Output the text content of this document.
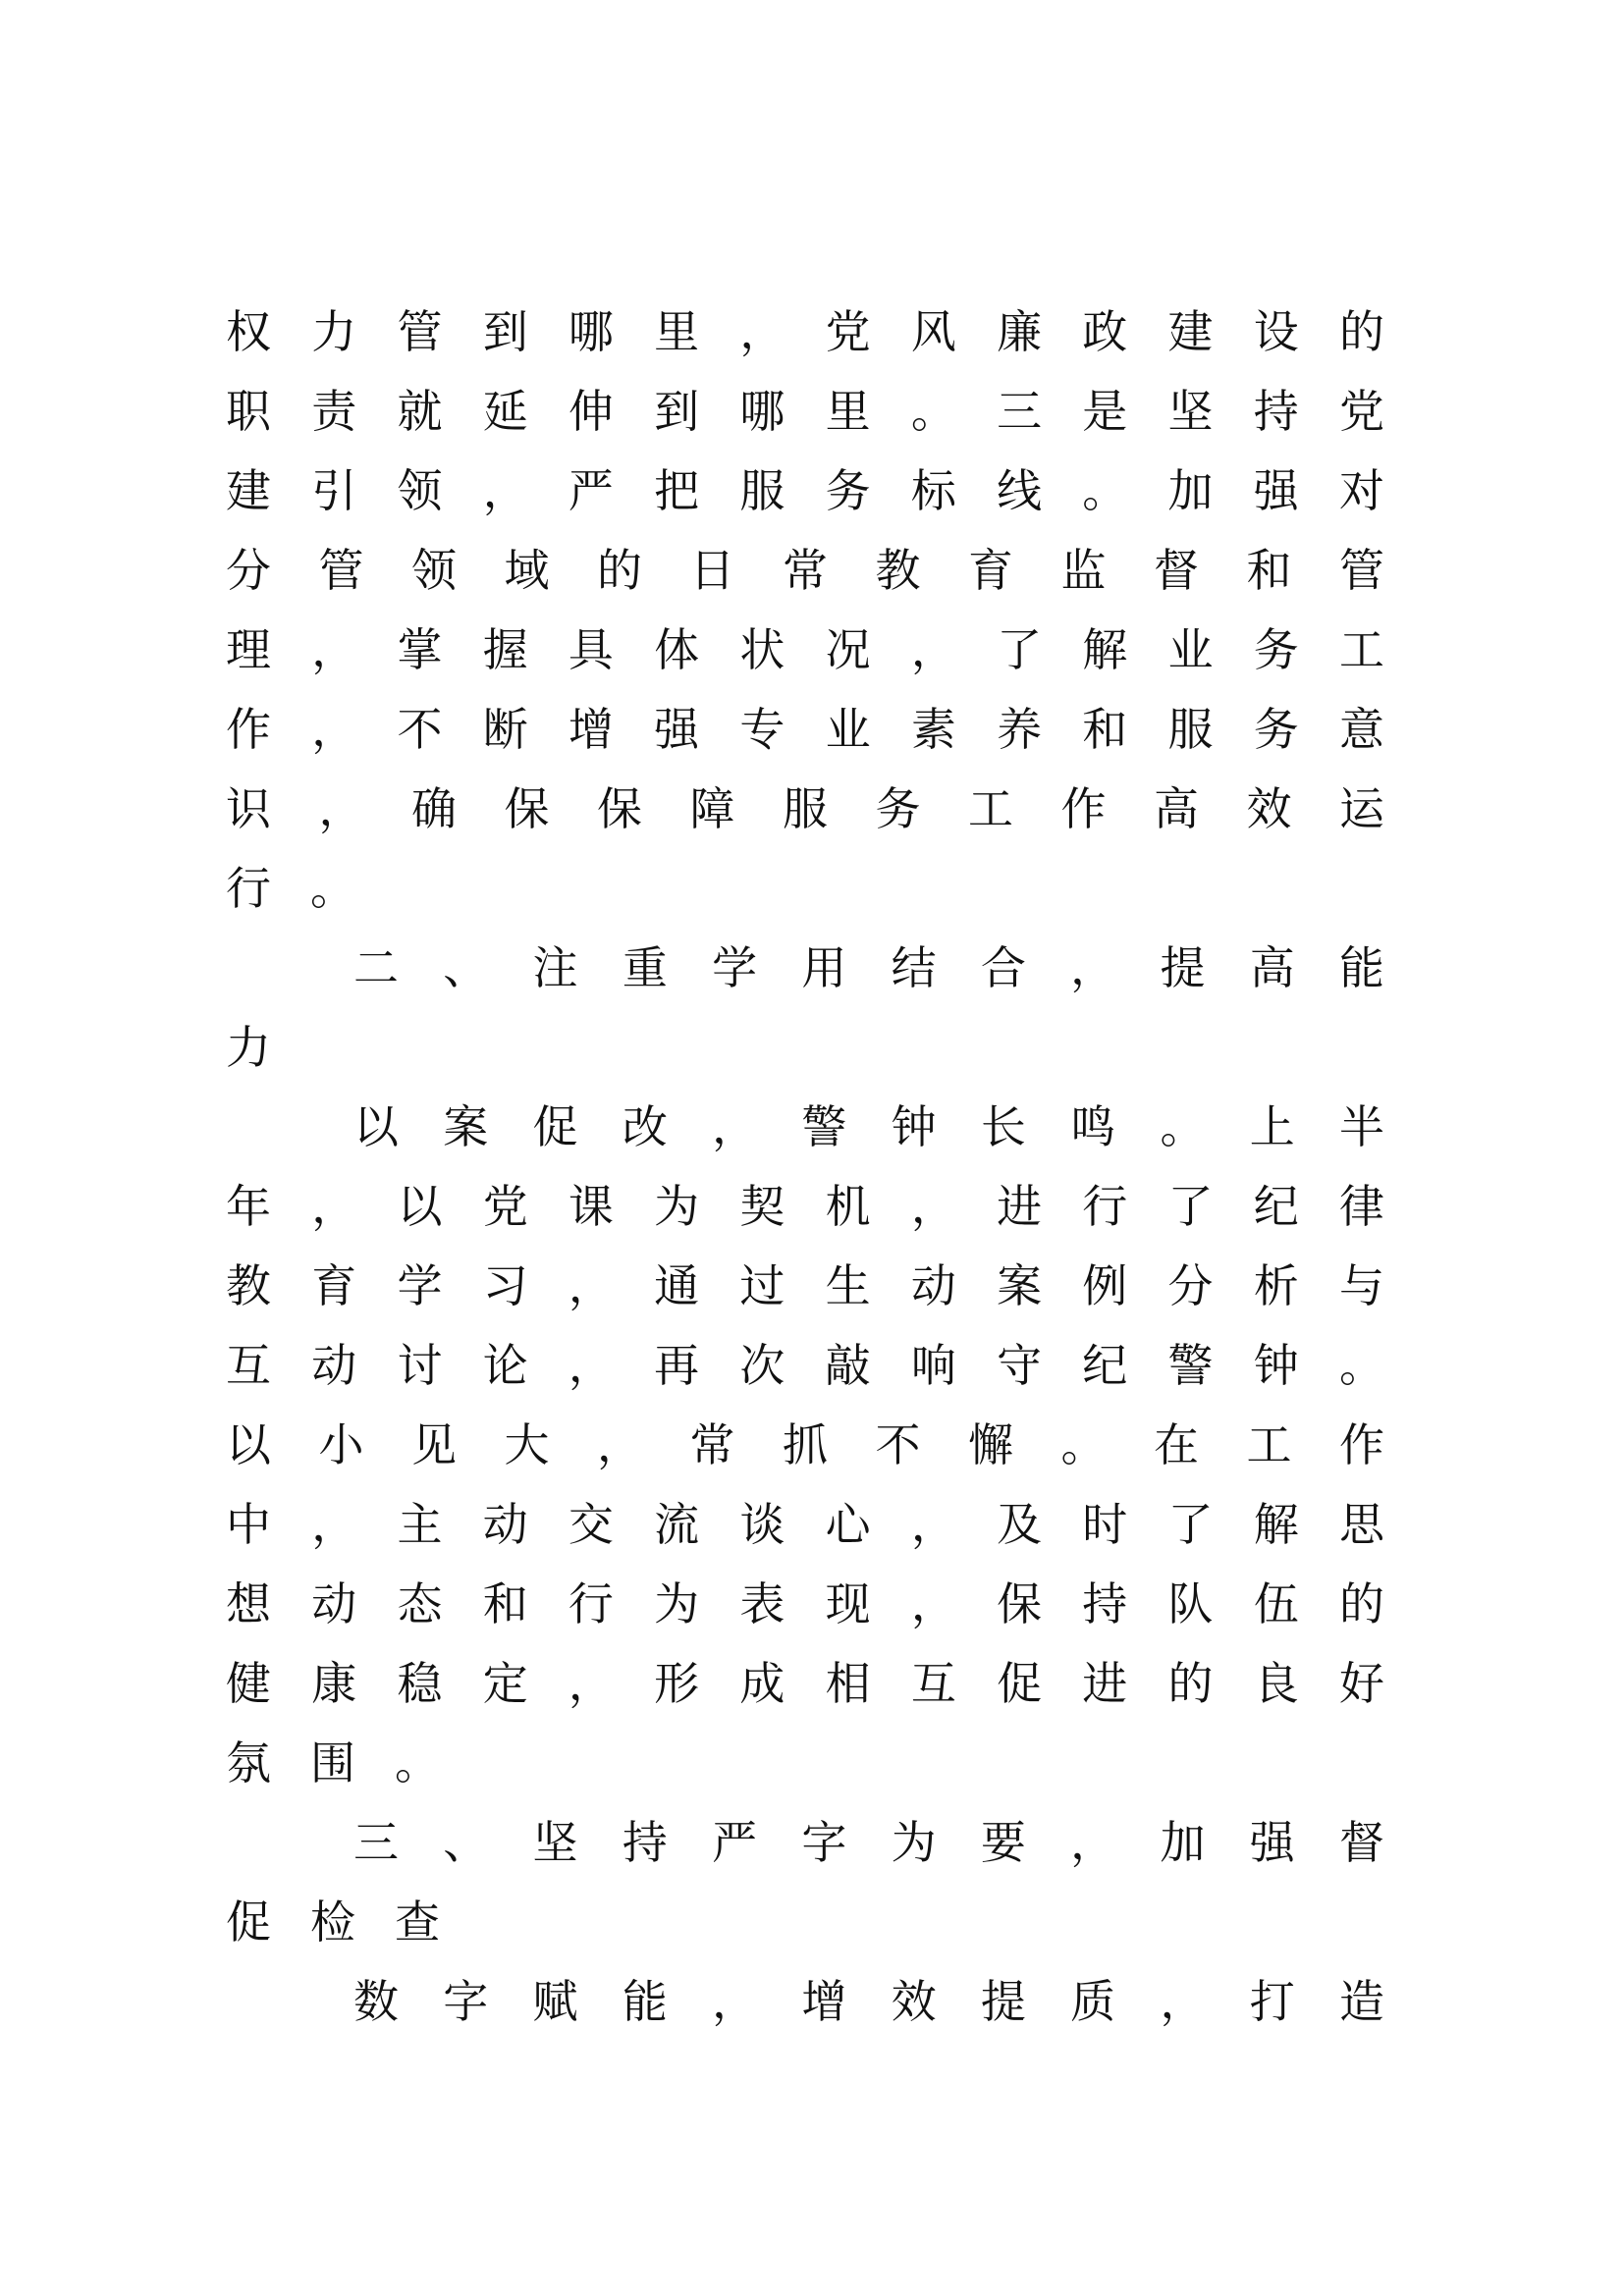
权力管到哪里，党风廉政建设的
职责就延伸到哪里。三是坚持党
建引领，严把服务标线。加强对
分管领域的日常教育监督和管
理，掌握具体状况，了解业务工
作，不断增强专业素养和服务意
识，确保保障服务工作高效运
行。
二、注重学用结合，提高能
力
以案促改，警钟长鸣。上半
年，以党课为契机，进行了纪律
教育学习，通过生动案例分析与
互动讨论，再次敲响守纪警钟。
以小见大，常抓不懈。在工作
中，主动交流谈心，及时了解思
想动态和行为表现，保持队伍的
健康稳定，形成相互促进的良好
氛围。
三、坚持严字为要，加强督
促检查
数字赋能，增效提质，打造
